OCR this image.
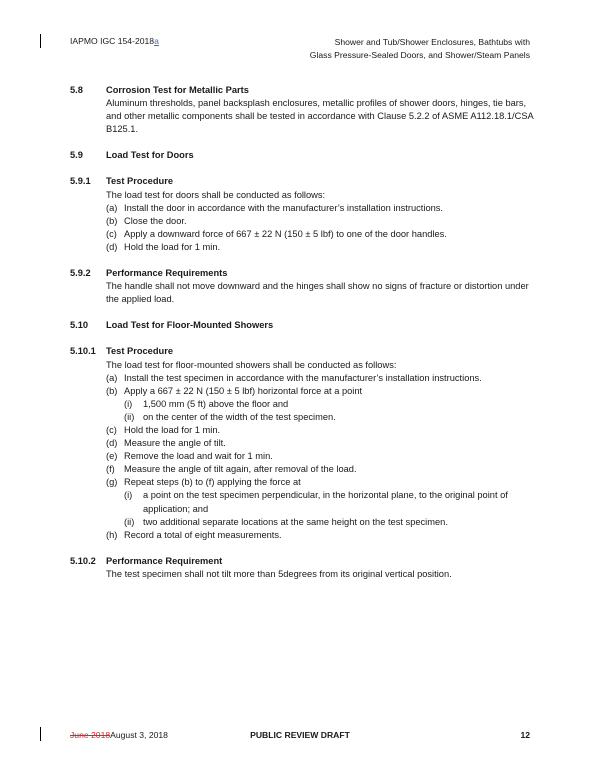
IAPMO IGC 154-2018a	Shower and Tub/Shower Enclosures, Bathtubs with
Glass Pressure-Sealed Doors, and Shower/Steam Panels
5.8 Corrosion Test for Metallic Parts
Aluminum thresholds, panel backsplash enclosures, metallic profiles of shower doors, hinges, tie bars, and other metallic components shall be tested in accordance with Clause 5.2.2 of ASME A112.18.1/CSA B125.1.
5.9 Load Test for Doors
5.9.1 Test Procedure
The load test for doors shall be conducted as follows:
(a) Install the door in accordance with the manufacturer’s installation instructions.
(b) Close the door.
(c) Apply a downward force of 667 ± 22 N (150 ± 5 lbf) to one of the door handles.
(d) Hold the load for 1 min.
5.9.2 Performance Requirements
The handle shall not move downward and the hinges shall show no signs of fracture or distortion under the applied load.
5.10 Load Test for Floor-Mounted Showers
5.10.1 Test Procedure
The load test for floor-mounted showers shall be conducted as follows:
(a) Install the test specimen in accordance with the manufacturer’s installation instructions.
(b) Apply a 667 ± 22 N (150 ± 5 lbf) horizontal force at a point
(i)	1,500 mm (5 ft) above the floor and
(ii) on the center of the width of the test specimen.
(c) Hold the load for 1 min.
(d) Measure the angle of tilt.
(e) Remove the load and wait for 1 min.
(f) Measure the angle of tilt again, after removal of the load.
(g) Repeat steps (b) to (f) applying the force at
(i)	a point on the test specimen perpendicular, in the horizontal plane, to the original point of application; and
(ii) two additional separate locations at the same height on the test specimen.
(h) Record a total of eight measurements.
5.10.2 Performance Requirement
The test specimen shall not tilt more than 5degrees from its original vertical position.
June 2018August 3, 2018	PUBLIC REVIEW DRAFT	12
